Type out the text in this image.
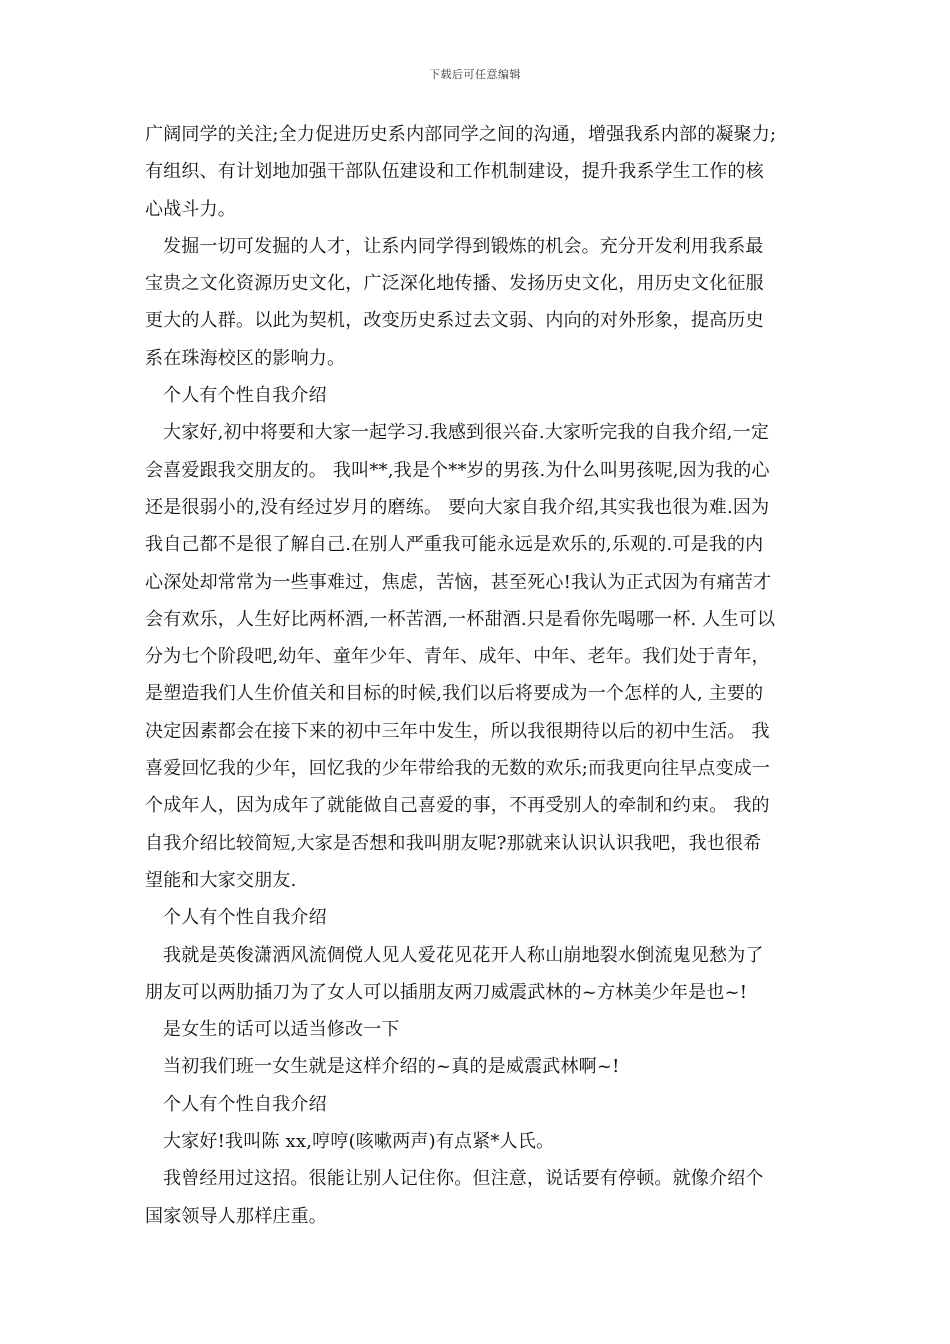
下载后可任意编辑
广阔同学的关注;全力促进历史系内部同学之间的沟通，增强我系内部的凝聚力;
有组织、有计划地加强干部队伍建设和工作机制建设，提升我系学生工作的核
心战斗力。
发掘一切可发掘的人才，让系内同学得到锻炼的机会。充分开发利用我系最
宝贵之文化资源历史文化，广泛深化地传播、发扬历史文化，用历史文化征服
更大的人群。以此为契机，改变历史系过去文弱、内向的对外形象，提高历史
系在珠海校区的影响力。
个人有个性自我介绍
大家好,初中将要和大家一起学习.我感到很兴奋.大家听完我的自我介绍,一定
会喜爱跟我交朋友的。 我叫**,我是个**岁的男孩.为什么叫男孩呢,因为我的心
还是很弱小的,没有经过岁月的磨练。 要向大家自我介绍,其实我也很为难.因为
我自己都不是很了解自己.在别人严重我可能永远是欢乐的,乐观的.可是我的内
心深处却常常为一些事难过，焦虑，苦恼，甚至死心!我认为正式因为有痛苦才
会有欢乐，人生好比两杯酒,一杯苦酒,一杯甜酒.只是看你先喝哪一杯. 人生可以
分为七个阶段吧,幼年、童年少年、青年、成年、中年、老年。我们处于青年，
是塑造我们人生价值关和目标的时候,我们以后将要成为一个怎样的人, 主要的
决定因素都会在接下来的初中三年中发生，所以我很期待以后的初中生活。 我
喜爱回忆我的少年，回忆我的少年带给我的无数的欢乐;而我更向往早点变成一
个成年人，因为成年了就能做自己喜爱的事，不再受别人的牵制和约束。 我的
自我介绍比较简短,大家是否想和我叫朋友呢?那就来认识认识我吧，我也很希
望能和大家交朋友.
个人有个性自我介绍
我就是英俊潇洒风流倜傥人见人爱花见花开人称山崩地裂水倒流鬼见愁为了
朋友可以两肋插刀为了女人可以插朋友两刀威震武林的~方林美少年是也~!
是女生的话可以适当修改一下
当初我们班一女生就是这样介绍的~真的是威震武林啊~!
个人有个性自我介绍
大家好!我叫陈 xx,哼哼(咳嗽两声)有点紧*人氏。
我曾经用过这招。很能让别人记住你。但注意，说话要有停顿。就像介绍个
国家领导人那样庄重。
